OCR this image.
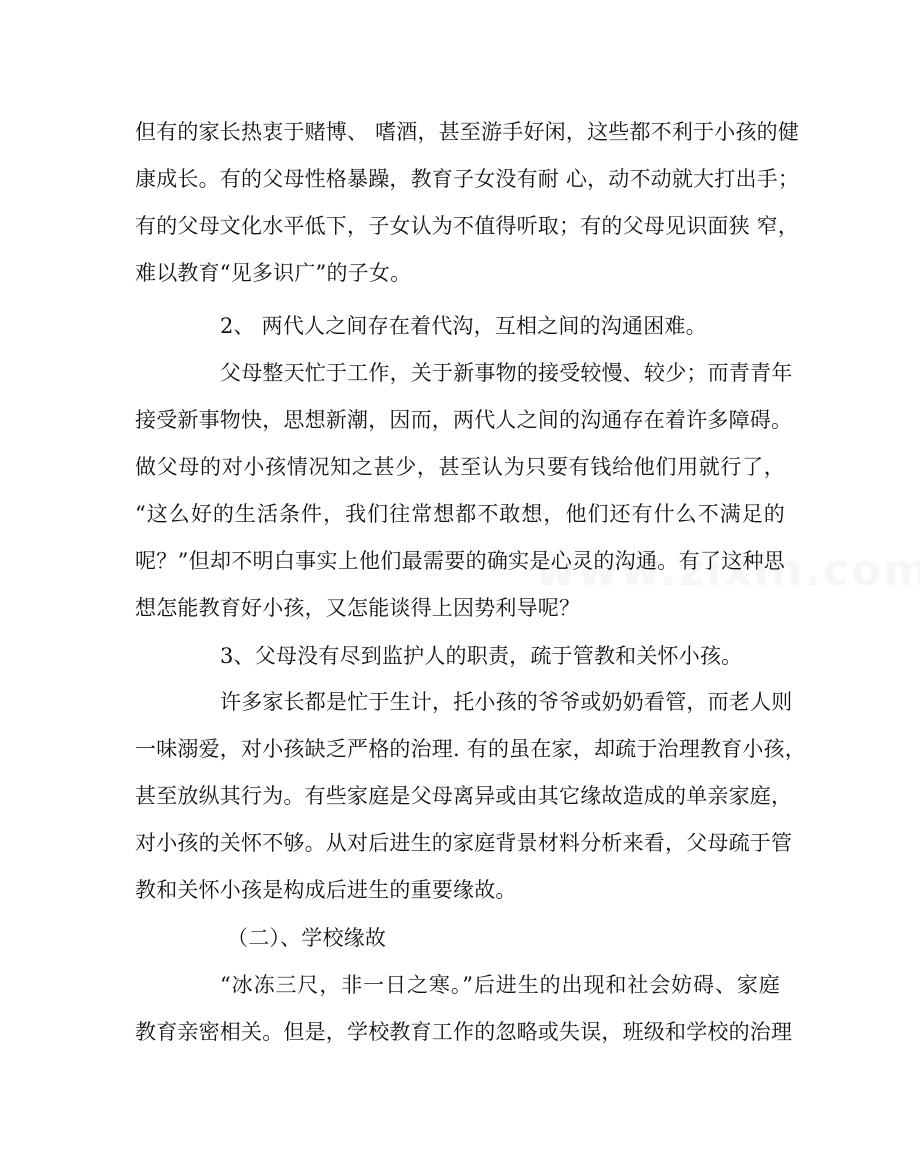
但有的家长热衷于赌博、 嗜酒，甚至游手好闲，这些都不利于小孩的健
康成长。有的父母性格暴躁，教育子女没有耐 心，动不动就大打出手；
有的父母文化水平低下，子女认为不值得听取；有的父母见识面狭 窄，
难以教育“见多识广”的子女。
2、 两代人之间存在着代沟，互相之间的沟通困难。
父母整天忙于工作，关于新事物的接受较慢、较少；而青青年
接受新事物快，思想新潮，因而，两代人之间的沟通存在着许多障碍。
做父母的对小孩情况知之甚少，甚至认为只要有钱给他们用就行了，
“这么好的生活条件，我们往常想都不敢想，他们还有什么不满足的
呢？”但却不明白事实上他们最需要的确实是心灵的沟通。有了这种思
想怎能教育好小孩，又怎能谈得上因势利导呢？
3、父母没有尽到监护人的职责，疏于管教和关怀小孩。
许多家长都是忙于生计，托小孩的爷爷或奶奶看管，而老人则
一味溺爱，对小孩缺乏严格的治理. 有的虽在家，却疏于治理教育小孩，
甚至放纵其行为。有些家庭是父母离异或由其它缘故造成的单亲家庭，
对小孩的关怀不够。从对后进生的家庭背景材料分析来看，父母疏于管
教和关怀小孩是构成后进生的重要缘故。
（二）、学校缘故
“冰冻三尺，非一日之寒。”后进生的出现和社会妨碍、家庭
教育亲密相关。但是，学校教育工作的忽略或失误，班级和学校的治理
